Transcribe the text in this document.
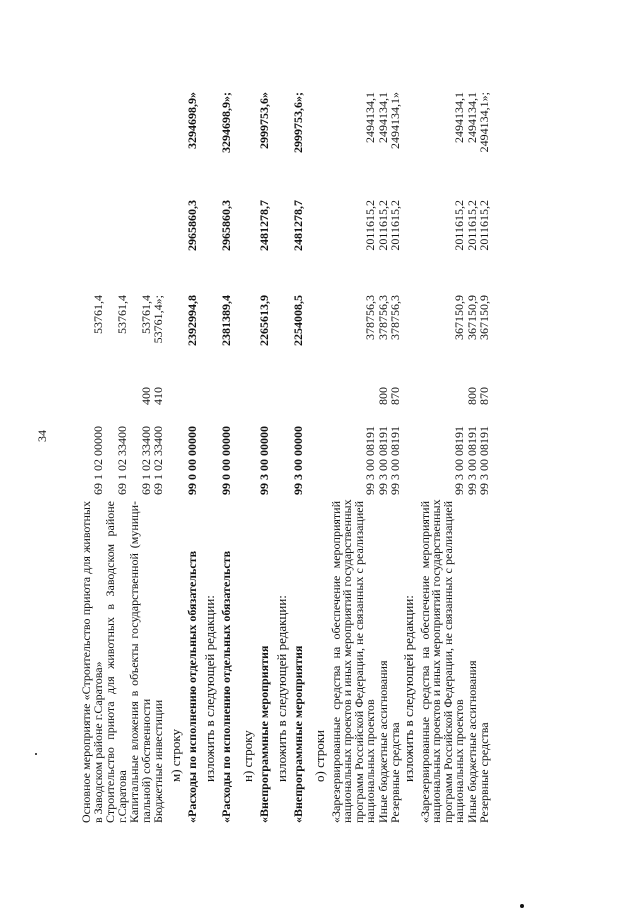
34
Основное мероприятие «Строительство приюта для животных
в Заводском районе г.Саратова»
69 1 02 00000
53761,4
Строительство приюта для животных в Заводском районе
г.Саратова
69 1 02 33400
53761,4
Капитальные вложения в объекты государственной (муници-
пальной) собственности
69 1 02 33400
400
53761,4
Бюджетные инвестиции
69 1 02 33400
410
53761,4»;
м) строку «Расходы по исполнению отдельных обязательств
99 0 00 00000
2392994,8
2965860,3
3294698,9»
изложить в следующей редакции: «Расходы по исполнению отдельных обязательств
99 0 00 00000
2381389,4
2965860,3
3294698,9»;
н) строку «Внепрограммные мероприятия
99 3 00 00000
2265613,9
2481278,7
2999753,6»
изложить в следующей редакции: «Внепрограммные мероприятия
99 3 00 00000
2254008,5
2481278,7
2999753,6»;
о) строки «Зарезервированные средства на обеспечение мероприятий
национальных проектов и иных мероприятий государственных
программ Российской Федерации, не связанных с реализацией
национальных проектов
99 3 00 08191
378756,3
2011615,2
2494134,1
Иные бюджетные ассигнования
99 3 00 08191
800
378756,3
2011615,2
2494134,1
Резервные средства
99 3 00 08191
870
378756,3
2011615,2
2494134,1»
изложить в следующей редакции: «Зарезервированные средства на обеспечение мероприятий
национальных проектов и иных мероприятий государственных
программ Российской Федерации, не связанных с реализацией
национальных проектов
99 3 00 08191
367150,9
2011615,2
2494134,1
Иные бюджетные ассигнования
99 3 00 08191
800
367150,9
2011615,2
2494134,1
Резервные средства
99 3 00 08191
870
367150,9
2011615,2
2494134,1»;
